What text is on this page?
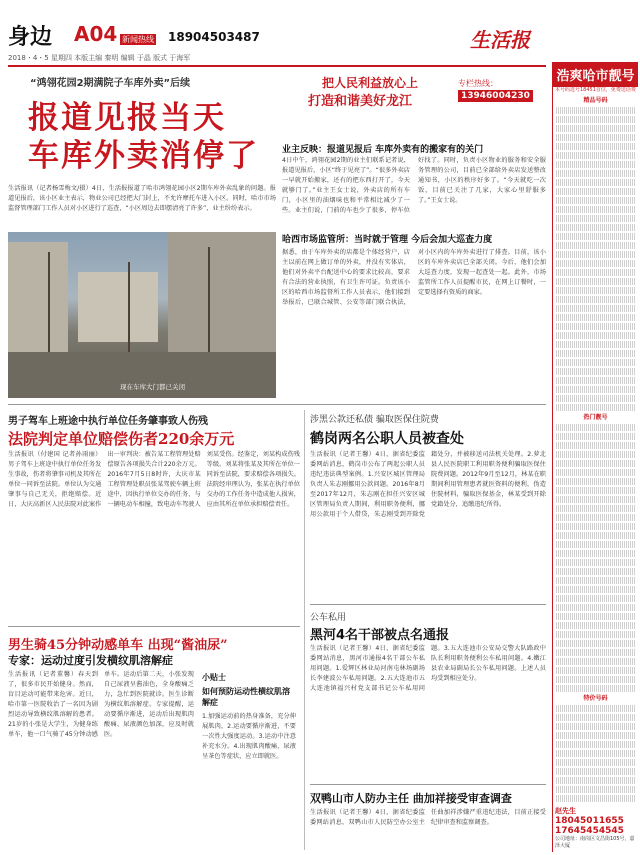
身边 A04 新闻热线 18904503487
2018・4・5 星期四 本版主编 秦明 编辑 于晶 版式 于海军
生活报
“鸿翎花园2期满院子车库外卖”后续
报道见报当天
车库外卖消停了
生活报讯（记者杨雪梅文/摄）4日，生活报报道了哈市鸿翎花园小区2期车库外卖乱象的问题。报道见报后，该小区业主表示，物业公司已经把大门封上，不允许摩托车进入小区。同时，哈市市场监督管理部门工作人员对小区进行了巡查，“小区周边去即摆清亮了许多”，业主纷纷表示。
把人民利益放心上
打造和谐美好龙江
专栏热线：
13946004230
现在车库大门都已关闭
业主反映：报道见报后 车库外卖有的搬家有的关门
4日中午，鸿翎花园2期的业主们联系记者说，报道见报后，小区“终于见亮了”。“很多外卖店一早就开始搬家，还有的把东西打开了，今天就够门了。”业主王女士说，外卖店的所有车门，小区里的油烟味也和平常相比减少了一些。业主们说，门前的车也少了很多，停车位好找了。同时，负责小区物业的服务和安全服务管理的公司，目前已全部给外卖店发送整改通知书，小区的秩序好多了。“今天就吃一次饭，目前已关注了几家，大家心里舒服多了。”王女士说。
哈西市场监管所：当时就于管理 今后会加大巡查力度
据悉，由于车库外卖的店都是个体经营户，店主以前在网上做订单的外卖，并没有实体店，他们对外卖平台配送中心的要求比较高，要求有合法的营业执照，有卫生许可证。负责该小区的哈西市场监督所工作人员表示，他们接到举报后，已联合城管、公安等部门联合执法，对小区内的车库外卖进行了排查。目前，该小区的车库外卖店已全部关闭。今后，他们会加大巡查力度，发现一起查处一起。此外，市场监管所工作人员提醒市民，在网上订餐时，一定要选择有资质的商家。
男子驾车上班途中执行单位任务肇事致人伤残
法院判定单位赔偿伤者220余万元
生活报讯（付建国 记者孙雨丽）男子驾车上班途中执行单位任务发生事故，伤者将肇事司机及其所在单位一同诉至法院。单位认为交通肇事与自己无关，拒绝赔偿。近日，大庆高新区人民法院对此案作出一审判决：被告某工程管理处赔偿原告各项损失合计220余万元。2016年7月5日8时许，大庆市某工程管理处职员张某驾驶车辆上班途中，因执行单位交办的任务，与一辆电动车相撞，致电动车驾驶人刘某受伤。经鉴定，刘某构成伤残等级。刘某将张某及其所在单位一同诉至法院，要求赔偿各项损失。法院经审理认为，张某在执行单位交办的工作任务中造成他人损害，应由其所在单位承担赔偿责任。
涉黑公款还私债 骗取医保住院费
鹤岗两名公职人员被查处
生活报讯（记者王馨）4日，据省纪委监委网站消息，鹤岗市公布了两起公职人员违纪违法典型案例。1.兴安区城区管理局负责人朱志刚挪用公款问题。2016年8月至2017年12月，朱志刚在担任兴安区城区管理局负责人期间，利用职务便利，挪用公款用于个人借贷，朱志刚受到开除党籍处分，并被移送司法机关处理。2.萝北县人民医院职工利用职务便利骗取医保住院费问题。2012年9月至12月，林某在职期间利用管理患者就医资料的便利，伪造住院材料，骗取医保基金，林某受到开除党籍处分，追缴违纪所得。
男生骑45分钟动感单车 出现“酱油尿”
专家：运动过度引发横纹肌溶解症
生活报讯（记者董馨）春天到了，很多市民开始健身。然而，盲目运动可能带来危害。近日，哈市第一医院收治了一名因为剧烈运动导致横纹肌溶解的患者。21岁的小张是大学生，为健身练单车，他一口气骑了45分钟动感单车。运动后第二天，小张发现自己尿液呈酱油色，全身酸痛乏力，急忙到医院就诊。医生诊断为横纹肌溶解症。专家提醒，运动要循序渐进，运动后出现肌肉酸痛、尿液颜色加深，应及时就医。
小贴士
如何预防运动性横纹肌溶解症
1.加强运动前的热身准备，充分伸展肌肉。2.运动要循序渐进，不要一次性大强度运动。3.运动中注意补充水分。4.出现肌肉酸痛、尿液呈茶色等症状，应立即就医。
公车私用
黑河4名干部被点名通报
生活报讯（记者王馨）4日，据省纪委监委网站消息，黑河市通报4名干部公车私用问题。1.爱辉区林业局河南屯林场副场长李建波公车私用问题。2.五大连池市五大连池镇福兴村党支部书记公车私用问题。3.五大连池市公安局交警大队路政中队长利用职务便利公车私用问题。4.嫩江县农业局副局长公车私用问题。上述人员均受到相应处分。
双鸭山市人防办主任 曲加祥接受审查调查
生活报讯（记者王馨）4日，据省纪委监委网站消息，双鸭山市人民防空办公室主任曲加祥涉嫌严重违纪违法，目前正接受纪律审查和监察调查。
浩爽哈市靓号
本号码选号18451首位，免费送话费
精品号码
热门靓号
特价号码
赵先生
18045011655
17645454545
公司地址：南岗区文昌街105号，嘉泽大厦
